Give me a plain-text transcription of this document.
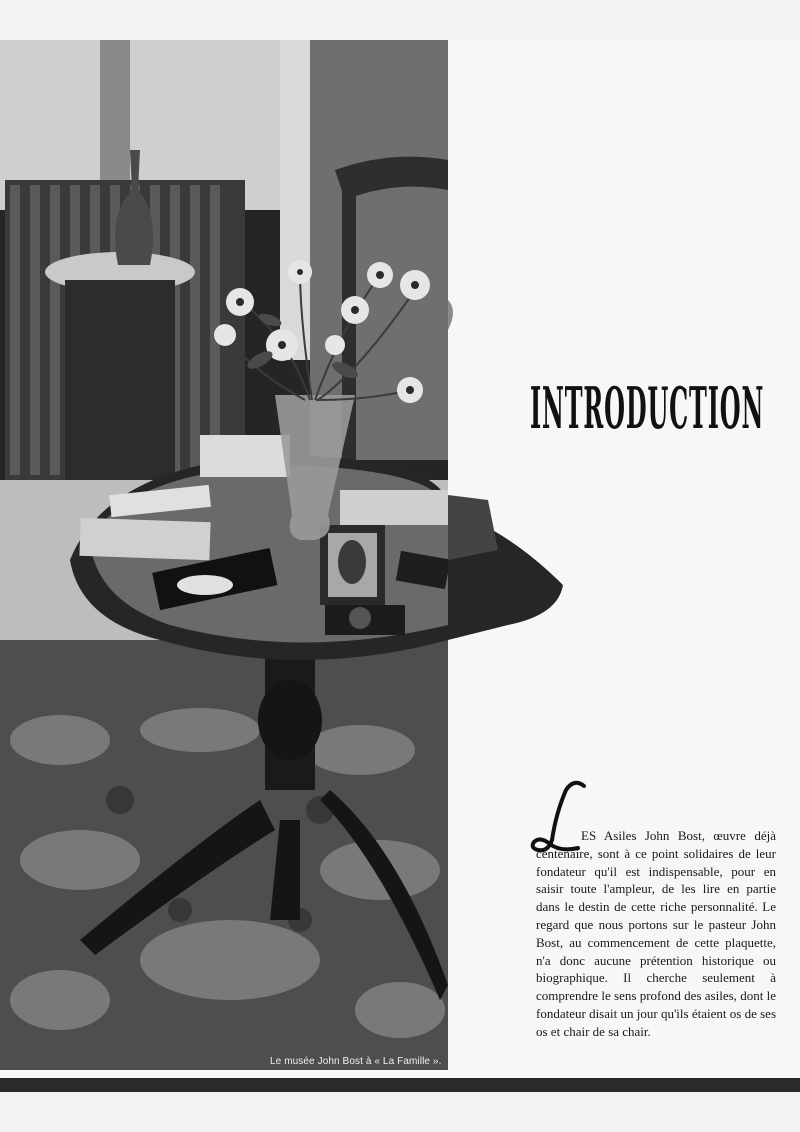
Le musée John Bost à « La Famille ».
INTRODUCTION
L
ES Asiles John Bost, œuvre déjà centenaire, sont à ce point solidaires de leur fondateur qu'il est indispensable, pour en saisir toute l'ampleur, de les lire en partie dans le destin de cette riche personnalité. Le regard que nous portons sur le pasteur John Bost, au commencement de cette plaquette, n'a donc aucune prétention historique ou biographique. Il cherche seulement à comprendre le sens profond des asiles, dont le fondateur disait un jour qu'ils étaient os de ses os et chair de sa chair.
